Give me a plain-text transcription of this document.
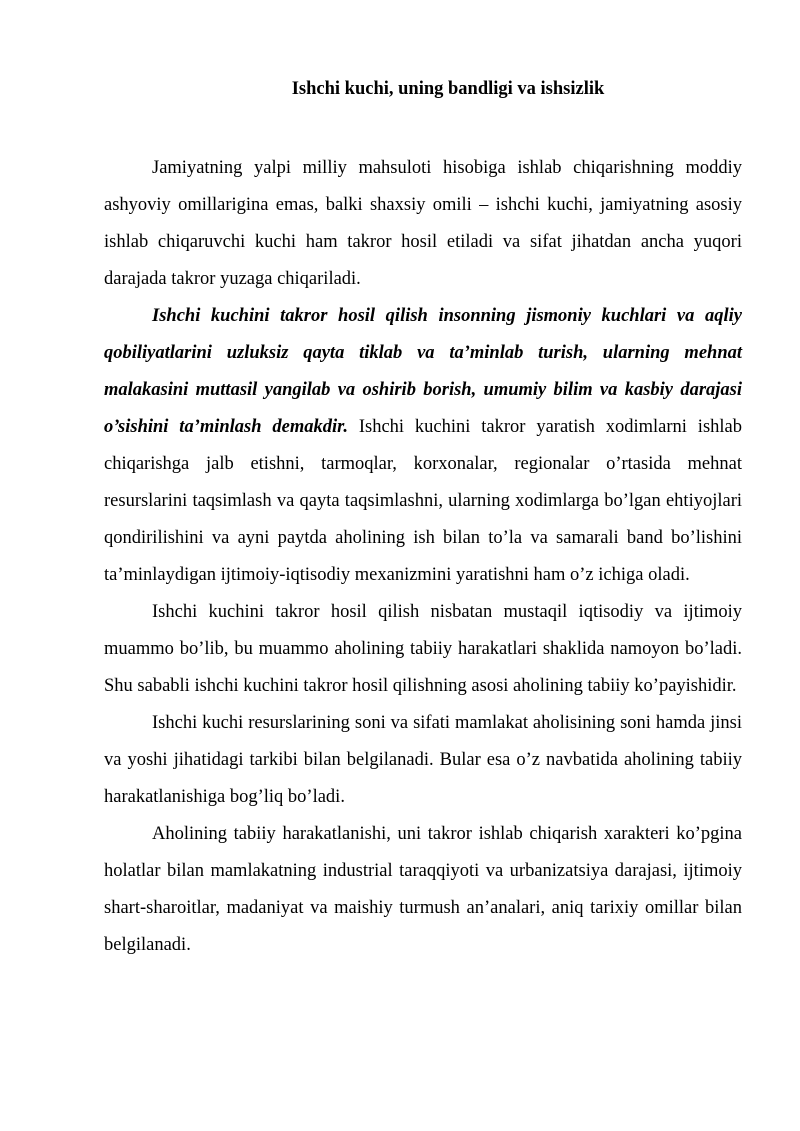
Ishchi kuchi, uning bandligi va ishsizlik

Jamiyatning yalpi milliy mahsuloti hisobiga ishlab chiqarishning moddiy ashyoviy omillarigina emas, balki shaxsiy omili – ishchi kuchi, jamiyatning asosiy ishlab chiqaruvchi kuchi ham takror hosil etiladi va sifat jihatdan ancha yuqori darajada takror yuzaga chiqariladi.

Ishchi kuchini takror hosil qilish insonning jismoniy kuchlari va aqliy qobiliyatlarini uzluksiz qayta tiklab va ta’minlab turish, ularning mehnat malakasini muttasil yangilab va oshirib borish, umumiy bilim va kasbiy darajasi o’sishini ta’minlash demakdir. Ishchi kuchini takror yaratish xodimlarni ishlab chiqarishga jalb etishni, tarmoqlar, korxonalar, regionalar o’rtasida mehnat resurslarini taqsimlash va qayta taqsimlashni, ularning xodimlarga bo’lgan ehtiyojlari qondirilishini va ayni paytda aholining ish bilan to’la va samarali band bo’lishini ta’minlaydigan ijtimoiy-iqtisodiy mexanizmini yaratishni ham o’z ichiga oladi.

Ishchi kuchini takror hosil qilish nisbatan mustaqil iqtisodiy va ijtimoiy muammo bo’lib, bu muammo aholining tabiiy harakatlari shaklida namoyon bo’ladi. Shu sababli ishchi kuchini takror hosil qilishning asosi aholining tabiiy ko’payishidir.

Ishchi kuchi resurslarining soni va sifati mamlakat aholisining soni hamda jinsi va yoshi jihatidagi tarkibi bilan belgilanadi. Bular esa o’z navbatida aholining tabiiy harakatlanishiga bog’liq bo’ladi.

Aholining tabiiy harakatlanishi, uni takror ishlab chiqarish xarakteri ko’pgina holatlar bilan mamlakatning industrial taraqqiyoti va urbanizatsiya darajasi, ijtimoiy shart-sharoitlar, madaniyat va maishiy turmush an’analari, aniq tarixiy omillar bilan belgilanadi.
